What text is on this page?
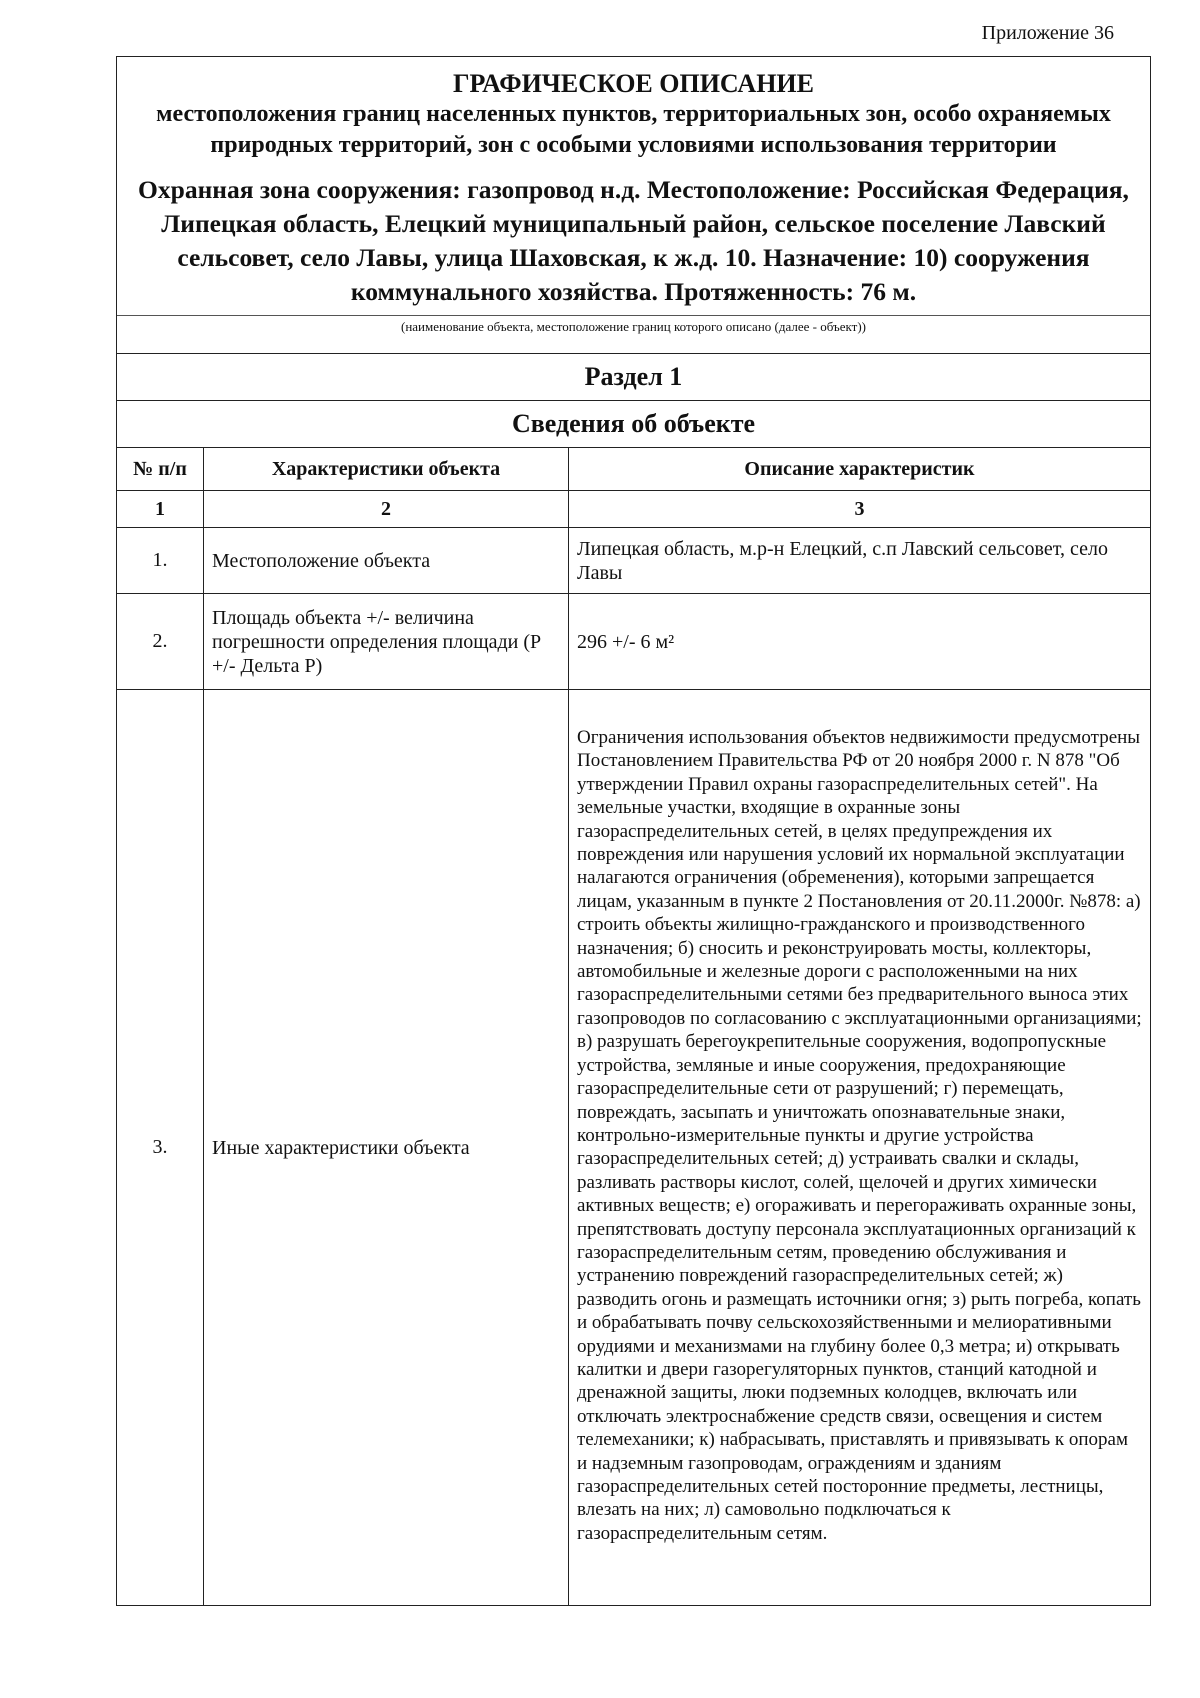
Приложение 36
ГРАФИЧЕСКОЕ ОПИСАНИЕ
местоположения границ населенных пунктов, территориальных зон, особо охраняемых природных территорий, зон с особыми условиями использования территории
Охранная зона сооружения: газопровод н.д. Местоположение: Российская Федерация, Липецкая область, Елецкий муниципальный район, сельское поселение Лавский сельсовет, село Лавы, улица Шаховская, к ж.д. 10. Назначение: 10) сооружения коммунального хозяйства. Протяженность: 76 м.
(наименование объекта, местоположение границ которого описано (далее - объект))
Раздел 1
Сведения об объекте
№ п/п	Характеристики объекта	Описание характеристик
1	2	3
1.	Местоположение объекта	Липецкая область, м.р-н Елецкий, с.п Лавский сельсовет, село Лавы
2.	Площадь объекта +/- величина погрешности определения площади (Р +/- Дельта Р)	296 +/- 6 м²
3.	Иные характеристики объекта	Ограничения использования объектов недвижимости предусмотрены Постановлением Правительства РФ от 20 ноября 2000 г. N 878 "Об утверждении Правил охраны газораспределительных сетей". На земельные участки, входящие в охранные зоны газораспределительных сетей, в целях предупреждения их повреждения или нарушения условий их нормальной эксплуатации налагаются ограничения (обременения), которыми запрещается лицам, указанным в пункте 2 Постановления от 20.11.2000г. №878: а) строить объекты жилищно-гражданского и производственного назначения; б) сносить и реконструировать мосты, коллекторы, автомобильные и железные дороги с расположенными на них газораспределительными сетями без предварительного выноса этих газопроводов по согласованию с эксплуатационными организациями; в) разрушать берегоукрепительные сооружения, водопропускные устройства, земляные и иные сооружения, предохраняющие газораспределительные сети от разрушений; г) перемещать, повреждать, засыпать и уничтожать опознавательные знаки, контрольно-измерительные пункты и другие устройства газораспределительных сетей; д) устраивать свалки и склады, разливать растворы кислот, солей, щелочей и других химически активных веществ; е) огораживать и перегораживать охранные зоны, препятствовать доступу персонала эксплуатационных организаций к газораспределительным сетям, проведению обслуживания и устранению повреждений газораспределительных сетей; ж) разводить огонь и размещать источники огня; з) рыть погреба, копать и обрабатывать почву сельскохозяйственными и мелиоративными орудиями и механизмами на глубину более 0,3 метра; и) открывать калитки и двери газорегуляторных пунктов, станций катодной и дренажной защиты, люки подземных колодцев, включать или отключать электроснабжение средств связи, освещения и систем телемеханики; к) набрасывать, приставлять и привязывать к опорам и надземным газопроводам, ограждениям и зданиям газораспределительных сетей посторонние предметы, лестницы, влезать на них; л) самовольно подключаться к газораспределительным сетям.
